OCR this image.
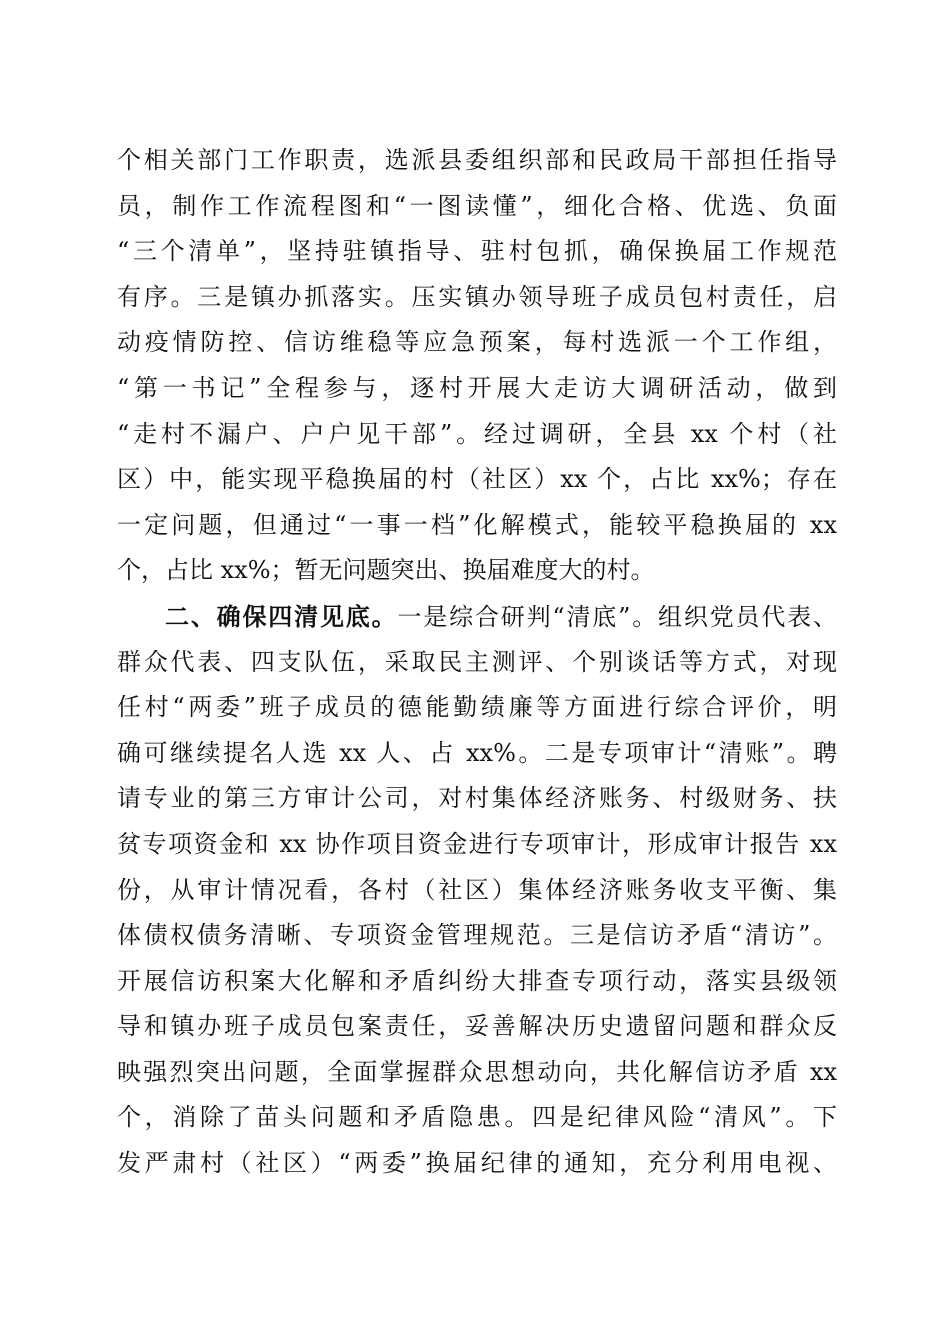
个相关部门工作职责，选派县委组织部和民政局干部担任指导
员，制作工作流程图和“一图读懂”，细化合格、优选、负面
“三个清单”，坚持驻镇指导、驻村包抓，确保换届工作规范
有序。三是镇办抓落实。压实镇办领导班子成员包村责任，启
动疫情防控、信访维稳等应急预案，每村选派一个工作组，
“第一书记”全程参与，逐村开展大走访大调研活动，做到
“走村不漏户、户户见干部”。经过调研，全县 xx 个村（社
区）中，能实现平稳换届的村（社区）xx 个，占比 xx%；存在
一定问题，但通过“一事一档”化解模式，能较平稳换届的 xx
个，占比 xx%；暂无问题突出、换届难度大的村。
二、确保四清见底。一是综合研判“清底”。组织党员代表、
群众代表、四支队伍，采取民主测评、个别谈话等方式，对现
任村“两委”班子成员的德能勤绩廉等方面进行综合评价，明
确可继续提名人选 xx 人、占 xx%。二是专项审计“清账”。聘
请专业的第三方审计公司，对村集体经济账务、村级财务、扶
贫专项资金和 xx 协作项目资金进行专项审计，形成审计报告 xx
份，从审计情况看，各村（社区）集体经济账务收支平衡、集
体债权债务清晰、专项资金管理规范。三是信访矛盾“清访”。
开展信访积案大化解和矛盾纠纷大排查专项行动，落实县级领
导和镇办班子成员包案责任，妥善解决历史遗留问题和群众反
映强烈突出问题，全面掌握群众思想动向，共化解信访矛盾 xx
个，消除了苗头问题和矛盾隐患。四是纪律风险“清风”。下
发严肃村（社区）“两委”换届纪律的通知，充分利用电视、
